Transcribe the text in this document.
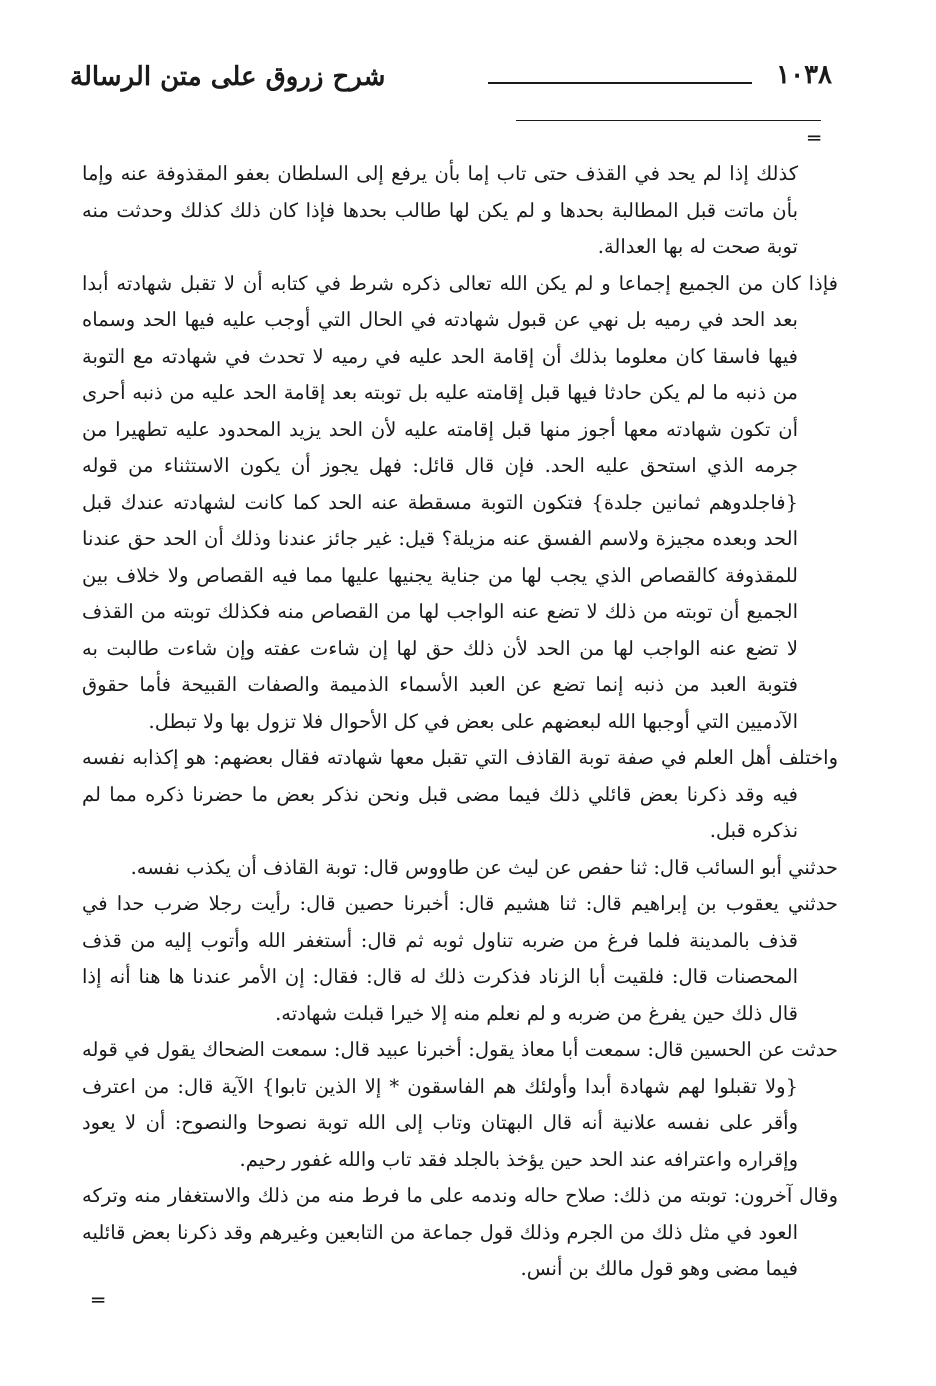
١٠٣٨
شرح زروق على متن الرسالة
═

كذلك إذا لم يحد في القذف حتى تاب إما بأن يرفع إلى السلطان بعفو المقذوفة عنه وإما بأن ماتت قبل المطالبة بحدها و لم يكن لها طالب بحدها فإذا كان ذلك كذلك وحدثت منه توبة صحت له بها العدالة.

فإذا كان من الجميع إجماعا و لم يكن الله تعالى ذكره شرط في كتابه أن لا تقبل شهادته أبدا بعد الحد في رميه بل نهي عن قبول شهادته في الحال التي أوجب عليه فيها الحد وسماه فيها فاسقا كان معلوما بذلك أن إقامة الحد عليه في رميه لا تحدث في شهادته مع التوبة من ذنبه ما لم يكن حادثا فيها قبل إقامته عليه بل توبته بعد إقامة الحد عليه من ذنبه أحرى أن تكون شهادته معها أجوز منها قبل إقامته عليه لأن الحد يزيد المحدود عليه تطهيرا من جرمه الذي استحق عليه الحد. فإن قال قائل: فهل يجوز أن يكون الاستثناء من قوله {فاجلدوهم ثمانين جلدة} فتكون التوبة مسقطة عنه الحد كما كانت لشهادته عندك قبل الحد وبعده مجيزة ولاسم الفسق عنه مزيلة؟ قيل: غير جائز عندنا وذلك أن الحد حق عندنا للمقذوفة كالقصاص الذي يجب لها من جناية يجنيها عليها مما فيه القصاص ولا خلاف بين الجميع أن توبته من ذلك لا تضع عنه الواجب لها من القصاص منه فكذلك توبته من القذف لا تضع عنه الواجب لها من الحد لأن ذلك حق لها إن شاءت عفته وإن شاءت طالبت به فتوبة العبد من ذنبه إنما تضع عن العبد الأسماء الذميمة والصفات القبيحة فأما حقوق الآدميين التي أوجبها الله لبعضهم على بعض في كل الأحوال فلا تزول بها ولا تبطل.

واختلف أهل العلم في صفة توبة القاذف التي تقبل معها شهادته فقال بعضهم: هو إكذابه نفسه فيه وقد ذكرنا بعض قائلي ذلك فيما مضى قبل ونحن نذكر بعض ما حضرنا ذكره مما لم نذكره قبل.

حدثني أبو السائب قال: ثنا حفص عن ليث عن طاووس قال: توبة القاذف أن يكذب نفسه.

حدثني يعقوب بن إبراهيم قال: ثنا هشيم قال: أخبرنا حصين قال: رأيت رجلا ضرب حدا في قذف بالمدينة فلما فرغ من ضربه تناول ثوبه ثم قال: أستغفر الله وأتوب إليه من قذف المحصنات قال: فلقيت أبا الزناد فذكرت ذلك له قال: فقال: إن الأمر عندنا ها هنا أنه إذا قال ذلك حين يفرغ من ضربه و لم نعلم منه إلا خيرا قبلت شهادته.

حدثت عن الحسين قال: سمعت أبا معاذ يقول: أخبرنا عبيد قال: سمعت الضحاك يقول في قوله {ولا تقبلوا لهم شهادة أبدا وأولئك هم الفاسقون * إلا الذين تابوا} الآية قال: من اعترف وأقر على نفسه علانية أنه قال البهتان وتاب إلى الله توبة نصوحا والنصوح: أن لا يعود وإقراره واعترافه عند الحد حين يؤخذ بالجلد فقد تاب والله غفور رحيم.

وقال آخرون: توبته من ذلك: صلاح حاله وندمه على ما فرط منه من ذلك والاستغفار منه وتركه العود في مثل ذلك من الجرم وذلك قول جماعة من التابعين وغيرهم وقد ذكرنا بعض قائليه فيما مضى وهو قول مالك بن أنس.

═
